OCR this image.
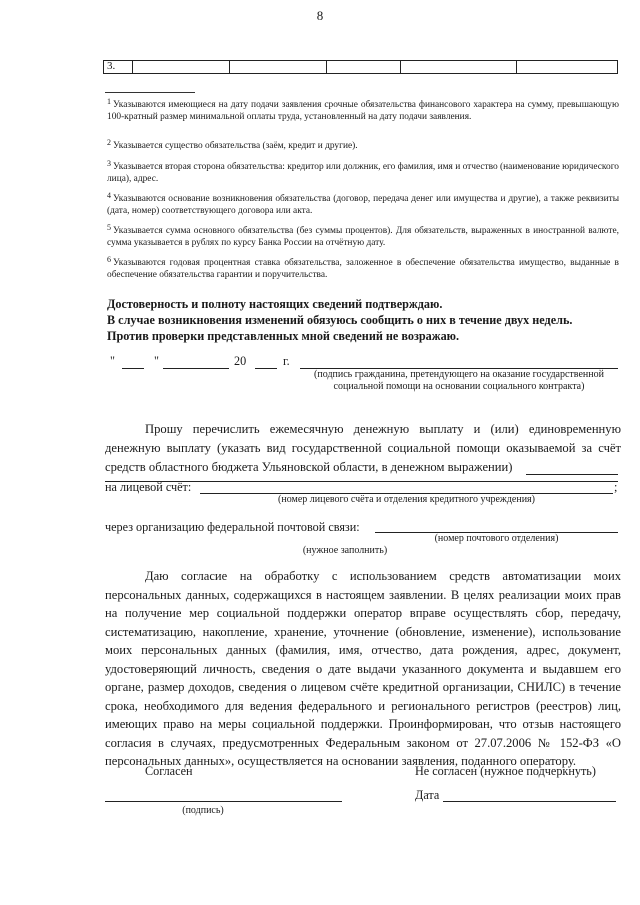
8
3.
$^1$ Указываются имеющиеся на дату подачи заявления срочные обязательства финансового характера на сумму, превышающую 100-кратный размер минимальной оплаты труда, установленный на дату подачи заявления.
$^2$ Указывается существо обязательства (заём, кредит и другие).
$^3$ Указывается вторая сторона обязательства: кредитор или должник, его фамилия, имя и отчество (наименование юридического лица), адрес.
$^4$ Указываются основание возникновения обязательства (договор, передача денег или имущества и другие), а также реквизиты (дата, номер) соответствующего договора или акта.
$^5$ Указывается сумма основного обязательства (без суммы процентов). Для обязательств, выраженных в иностранной валюте, сумма указывается в рублях по курсу Банка России на отчётную дату.
$^6$ Указываются годовая процентная ставка обязательства, заложенное в обеспечение обязательства имущество, выданные в обеспечение обязательства гарантии и поручительства.
Достоверность и полноту настоящих сведений подтверждаю.
В случае возникновения изменений обязуюсь сообщить о них в течение двух недель.
Против проверки представленных мной сведений не возражаю.
"	"	20	г.
(подпись гражданина, претендующего на оказание государственной социальной помощи на основании социального контракта)
Прошу перечислить ежемесячную денежную выплату и (или) единовременную денежную выплату (указать вид государственной социальной помощи оказываемой за счёт средств областного бюджета Ульяновской области, в денежном выражении)
на лицевой счёт:	;
(номер лицевого счёта и отделения кредитного учреждения)
через организацию федеральной почтовой связи:
(номер почтового отделения)
(нужное заполнить)
Даю согласие на обработку с использованием средств автоматизации моих персональных данных, содержащихся в настоящем заявлении. В целях реализации моих прав на получение мер социальной поддержки оператор вправе осуществлять сбор, передачу, систематизацию, накопление, хранение, уточнение (обновление, изменение), использование моих персональных данных (фамилия, имя, отчество, дата рождения, адрес, документ, удостоверяющий личность, сведения о дате выдачи указанного документа и выдавшем его органе, размер доходов, сведения о лицевом счёте кредитной организации, СНИЛС) в течение срока, необходимого для ведения федерального и регионального регистров (реестров) лиц, имеющих право на меры социальной поддержки. Проинформирован, что отзыв настоящего согласия в случаях, предусмотренных Федеральным законом от 27.07.2006 № 152-ФЗ «О персональных данных», осуществляется на основании заявления, поданного оператору.
Согласен	Не согласен (нужное подчеркнуть)
(подпись)
Дата
